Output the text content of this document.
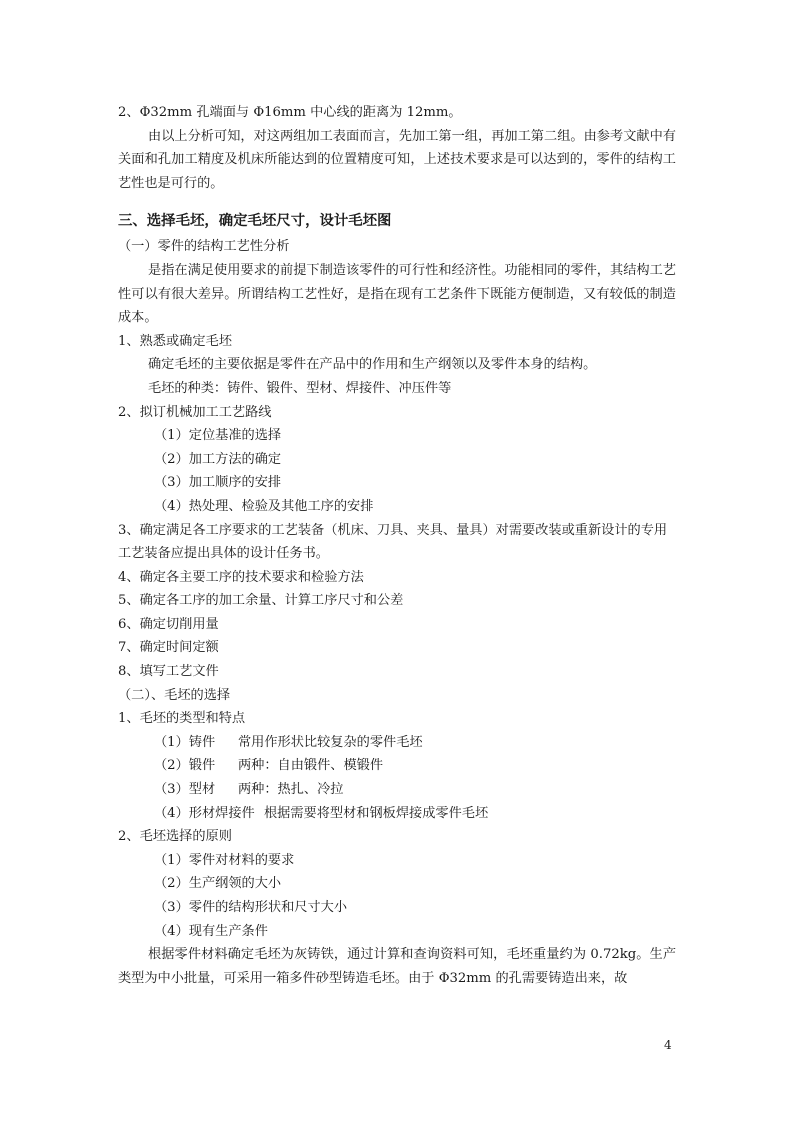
2、Φ32mm 孔端面与 Φ16mm 中心线的距离为 12mm。
由以上分析可知，对这两组加工表面而言，先加工第一组，再加工第二组。由参考文献中有关面和孔加工精度及机床所能达到的位置精度可知，上述技术要求是可以达到的，零件的结构工艺性也是可行的。
三、选择毛坯，确定毛坯尺寸，设计毛坯图
（一）零件的结构工艺性分析
是指在满足使用要求的前提下制造该零件的可行性和经济性。功能相同的零件，其结构工艺性可以有很大差异。所谓结构工艺性好，是指在现有工艺条件下既能方便制造，又有较低的制造成本。
1、熟悉或确定毛坯
确定毛坯的主要依据是零件在产品中的作用和生产纲领以及零件本身的结构。
毛坯的种类：铸件、锻件、型材、焊接件、冲压件等
2、拟订机械加工工艺路线
（1）定位基准的选择
（2）加工方法的确定
（3）加工顺序的安排
（4）热处理、检验及其他工序的安排
3、确定满足各工序要求的工艺装备（机床、刀具、夹具、量具）对需要改装或重新设计的专用工艺装备应提出具体的设计任务书。
4、确定各主要工序的技术要求和检验方法
5、确定各工序的加工余量、计算工序尺寸和公差
6、确定切削用量
7、确定时间定额
8、填写工艺文件
（二）、毛坯的选择
1、毛坯的类型和特点
（1）铸件 常用作形状比较复杂的零件毛坯
（2）锻件 两种：自由锻件、模锻件
（3）型材 两种：热扎、冷拉
（4）形材焊接件 根据需要将型材和钢板焊接成零件毛坯
2、毛坯选择的原则
（1）零件对材料的要求
（2）生产纲领的大小
（3）零件的结构形状和尺寸大小
（4）现有生产条件
根据零件材料确定毛坯为灰铸铁，通过计算和查询资料可知，毛坯重量约为 0.72kg。生产类型为中小批量，可采用一箱多件砂型铸造毛坯。由于 Φ32mm 的孔需要铸造出来，故
4
